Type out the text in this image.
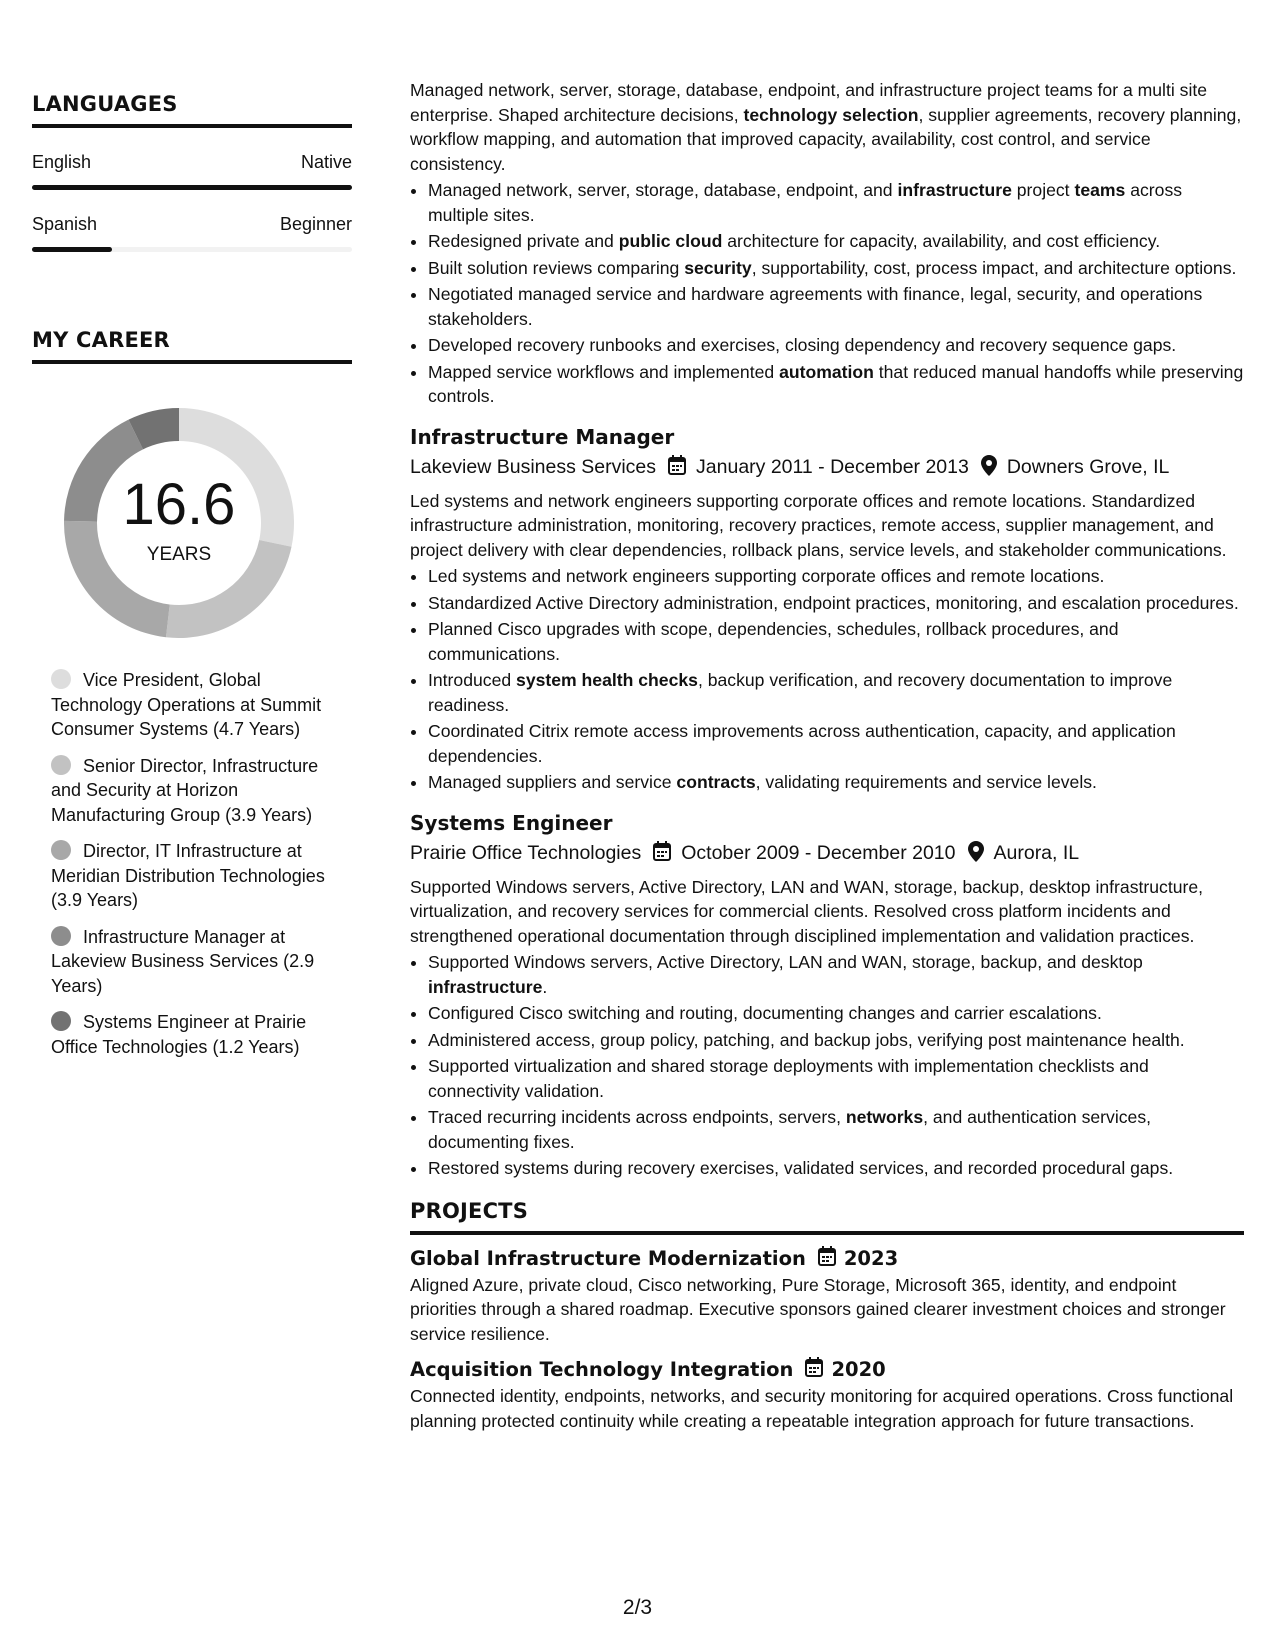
LANGUAGES
English	Native
Spanish	Beginner
MY CAREER
16.6
YEARS
Vice President, Global Technology Operations at Summit Consumer Systems (4.7 Years)
Senior Director, Infrastructure and Security at Horizon Manufacturing Group (3.9 Years)
Director, IT Infrastructure at Meridian Distribution Technologies (3.9 Years)
Infrastructure Manager at Lakeview Business Services (2.9 Years)
Systems Engineer at Prairie Office Technologies (1.2 Years)

Managed network, server, storage, database, endpoint, and infrastructure project teams for a multi site enterprise. Shaped architecture decisions, technology selection, supplier agreements, recovery planning, workflow mapping, and automation that improved capacity, availability, cost control, and service consistency.

• Managed network, server, storage, database, endpoint, and infrastructure project teams across multiple sites.
• Redesigned private and public cloud architecture for capacity, availability, and cost efficiency.
• Built solution reviews comparing security, supportability, cost, process impact, and architecture options.
• Negotiated managed service and hardware agreements with finance, legal, security, and operations stakeholders.
• Developed recovery runbooks and exercises, closing dependency and recovery sequence gaps.
• Mapped service workflows and implemented automation that reduced manual handoffs while preserving controls.
Infrastructure Manager
Lakeview Business Services January 2011 - December 2013 Downers Grove, IL

Led systems and network engineers supporting corporate offices and remote locations. Standardized infrastructure administration, monitoring, recovery practices, remote access, supplier management, and project delivery with clear dependencies, rollback plans, service levels, and stakeholder communications.

• Led systems and network engineers supporting corporate offices and remote locations.
• Standardized Active Directory administration, endpoint practices, monitoring, and escalation procedures.
• Planned Cisco upgrades with scope, dependencies, schedules, rollback procedures, and communications.
• Introduced system health checks, backup verification, and recovery documentation to improve readiness.
• Coordinated Citrix remote access improvements across authentication, capacity, and application dependencies.
• Managed suppliers and service contracts, validating requirements and service levels.
Systems Engineer
Prairie Office Technologies October 2009 - December 2010 Aurora, IL

Supported Windows servers, Active Directory, LAN and WAN, storage, backup, desktop infrastructure, virtualization, and recovery services for commercial clients. Resolved cross platform incidents and strengthened operational documentation through disciplined implementation and validation practices.

• Supported Windows servers, Active Directory, LAN and WAN, storage, backup, and desktop infrastructure.
• Configured Cisco switching and routing, documenting changes and carrier escalations.
• Administered access, group policy, patching, and backup jobs, verifying post maintenance health.
• Supported virtualization and shared storage deployments with implementation checklists and connectivity validation.
• Traced recurring incidents across endpoints, servers, networks, and authentication services, documenting fixes.
• Restored systems during recovery exercises, validated services, and recorded procedural gaps.
PROJECTS
Global Infrastructure Modernization 2023

Aligned Azure, private cloud, Cisco networking, Pure Storage, Microsoft 365, identity, and endpoint priorities through a shared roadmap. Executive sponsors gained clearer investment choices and stronger service resilience.

Acquisition Technology Integration 2020

Connected identity, endpoints, networks, and security monitoring for acquired operations. Cross functional planning protected continuity while creating a repeatable integration approach for future transactions.

2/3
